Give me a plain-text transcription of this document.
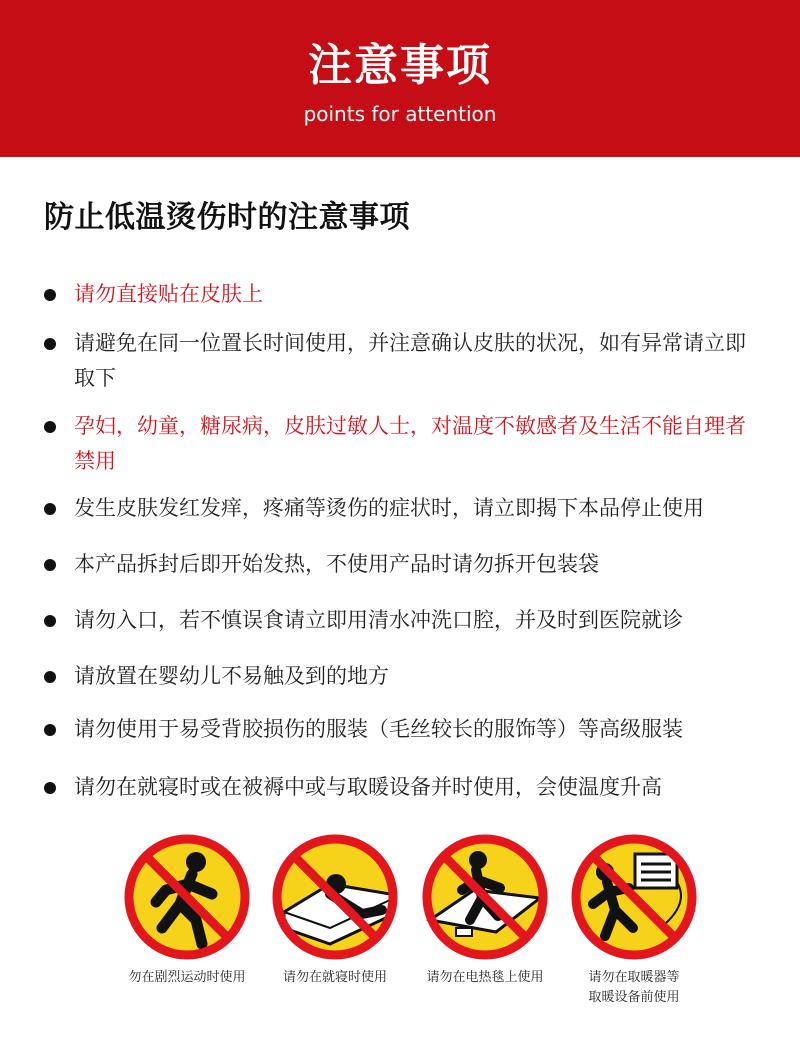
注意事项
points for attention
防止低温烫伤时的注意事项
请勿直接贴在皮肤上
请避免在同一位置长时间使用，并注意确认皮肤的状况，如有异常请立即取下
孕妇，幼童，糖尿病，皮肤过敏人士，对温度不敏感者及生活不能自理者禁用
发生皮肤发红发痒，疼痛等烫伤的症状时，请立即揭下本品停止使用
本产品拆封后即开始发热，不使用产品时请勿拆开包装袋
请勿入口，若不慎误食请立即用清水冲洗口腔，并及时到医院就诊
请放置在婴幼儿不易触及到的地方
请勿使用于易受背胶损伤的服装（毛丝较长的服饰等）等高级服装
请勿在就寝时或在被褥中或与取暖设备并时使用，会使温度升高
勿在剧烈运动时使用	请勿在就寝时使用	请勿在电热毯上使用	请勿在取暖器等
取暖设备前使用
